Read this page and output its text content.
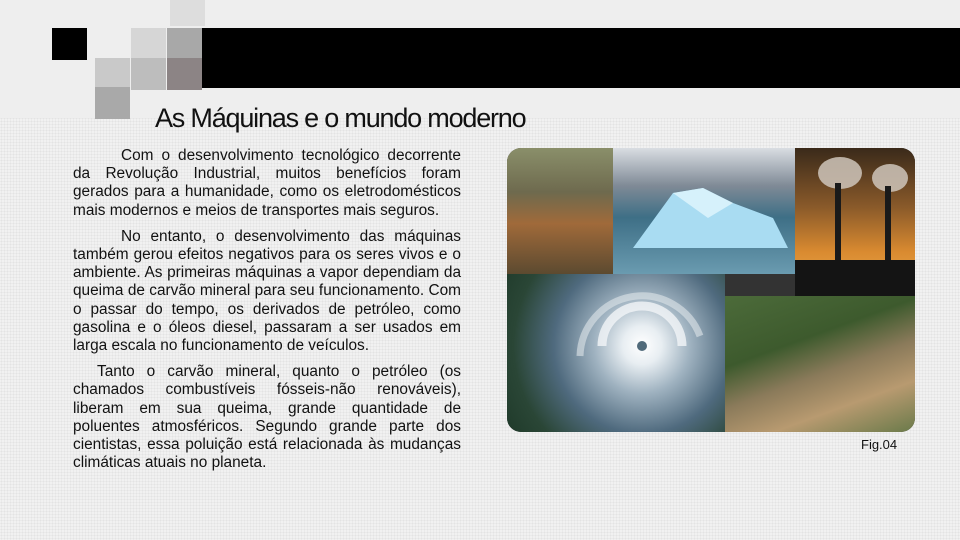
As Máquinas e o mundo moderno

Com o desenvolvimento tecnológico decorrente da Revolução Industrial, muitos benefícios foram gerados para a humanidade, como os eletrodomésticos mais modernos e meios de transportes mais seguros.

No entanto, o desenvolvimento das máquinas também gerou efeitos negativos para os seres vivos e o ambiente. As primeiras máquinas a vapor dependiam da queima de carvão mineral para seu funcionamento. Com o passar do tempo, os derivados de petróleo, como gasolina e o óleos diesel, passaram a ser usados em larga escala no funcionamento de veículos.

Tanto o carvão mineral, quanto o petróleo (os chamados combustíveis fósseis-não renováveis), liberam em sua queima, grande quantidade de poluentes atmosféricos. Segundo grande parte dos cientistas, essa poluição está relacionada às mudanças climáticas atuais no planeta.

Fig.04
